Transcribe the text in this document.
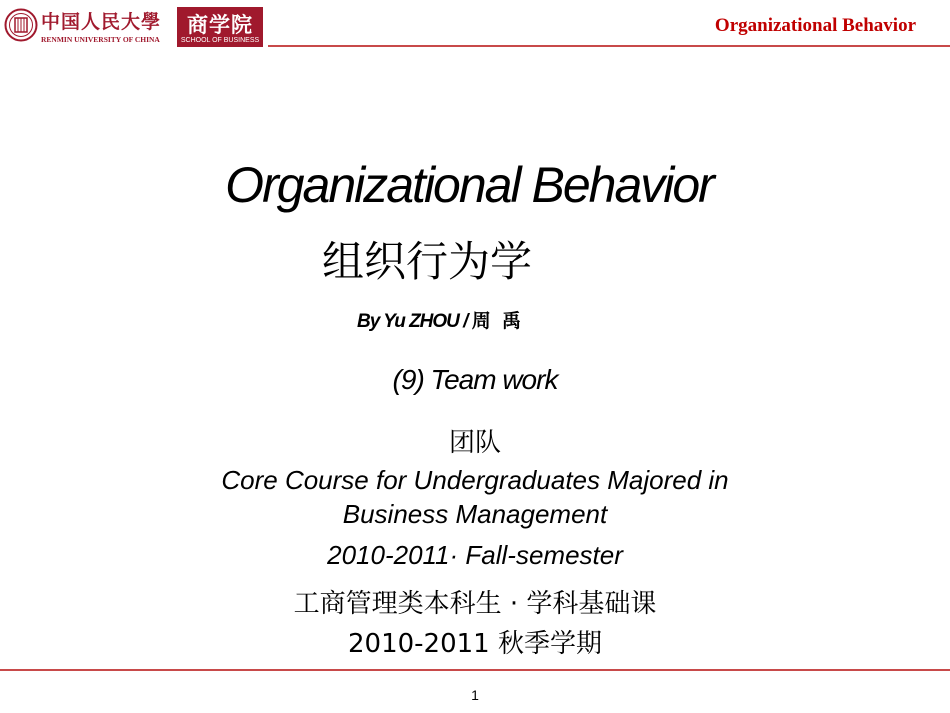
中国人民大學
RENMIN UNIVERSITY OF CHINA
商学院
SCHOOL OF BUSINESS
Organizational Behavior
Organizational Behavior
组织行为学
By Yu ZHOU / 周 禹
(9) Team work
团队
Core Course for Undergraduates Majored in
Business Management
2010-2011· Fall-semester
工商管理类本科生 · 学科基础课
2010-2011 秋季学期
1
